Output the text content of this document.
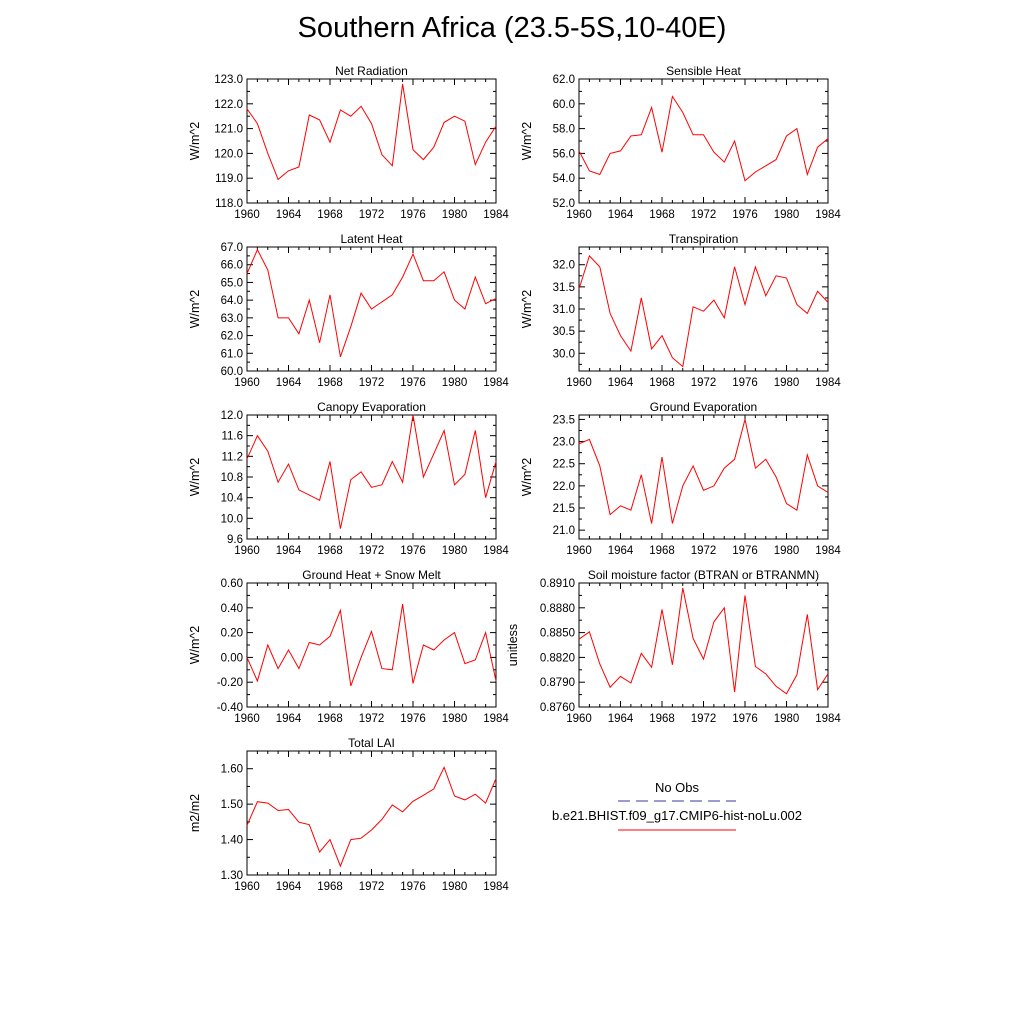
Southern Africa (23.5-5S,10-40E)
Net Radiation
1960 1964 1968 1972 1976 1980 1984
118.0
119.0
120.0
121.0
122.0
123.0
W/m^2
Sensible Heat
1960 1964 1968 1972 1976 1980 1984
52.0
54.0
56.0
58.0
60.0
62.0
W/m^2
Latent Heat
1960 1964 1968 1972 1976 1980 1984
60.0
61.0
62.0
63.0
64.0
65.0
66.0
67.0
W/m^2
Transpiration
1960 1964 1968 1972 1976 1980 1984
30.0
30.5
31.0
31.5
32.0
W/m^2
Canopy Evaporation
1960 1964 1968 1972 1976 1980 1984
9.6
10.0
10.4
10.8
11.2
11.6
12.0
W/m^2
Ground Evaporation
1960 1964 1968 1972 1976 1980 1984
21.0
21.5
22.0
22.5
23.0
23.5
W/m^2
Ground Heat + Snow Melt
1960 1964 1968 1972 1976 1980 1984
-0.40
-0.20
0.00
0.20
0.40
0.60
W/m^2
Soil moisture factor (BTRAN or BTRANMN)
1960 1964 1968 1972 1976 1980 1984
0.8760
0.8790
0.8820
0.8850
0.8880
0.8910
unitless
Total LAI
1960 1964 1968 1972 1976 1980 1984
1.30
1.40
1.50
1.60
m2/m2
No Obs
b.e21.BHIST.f09_g17.CMIP6-hist-noLu.002
